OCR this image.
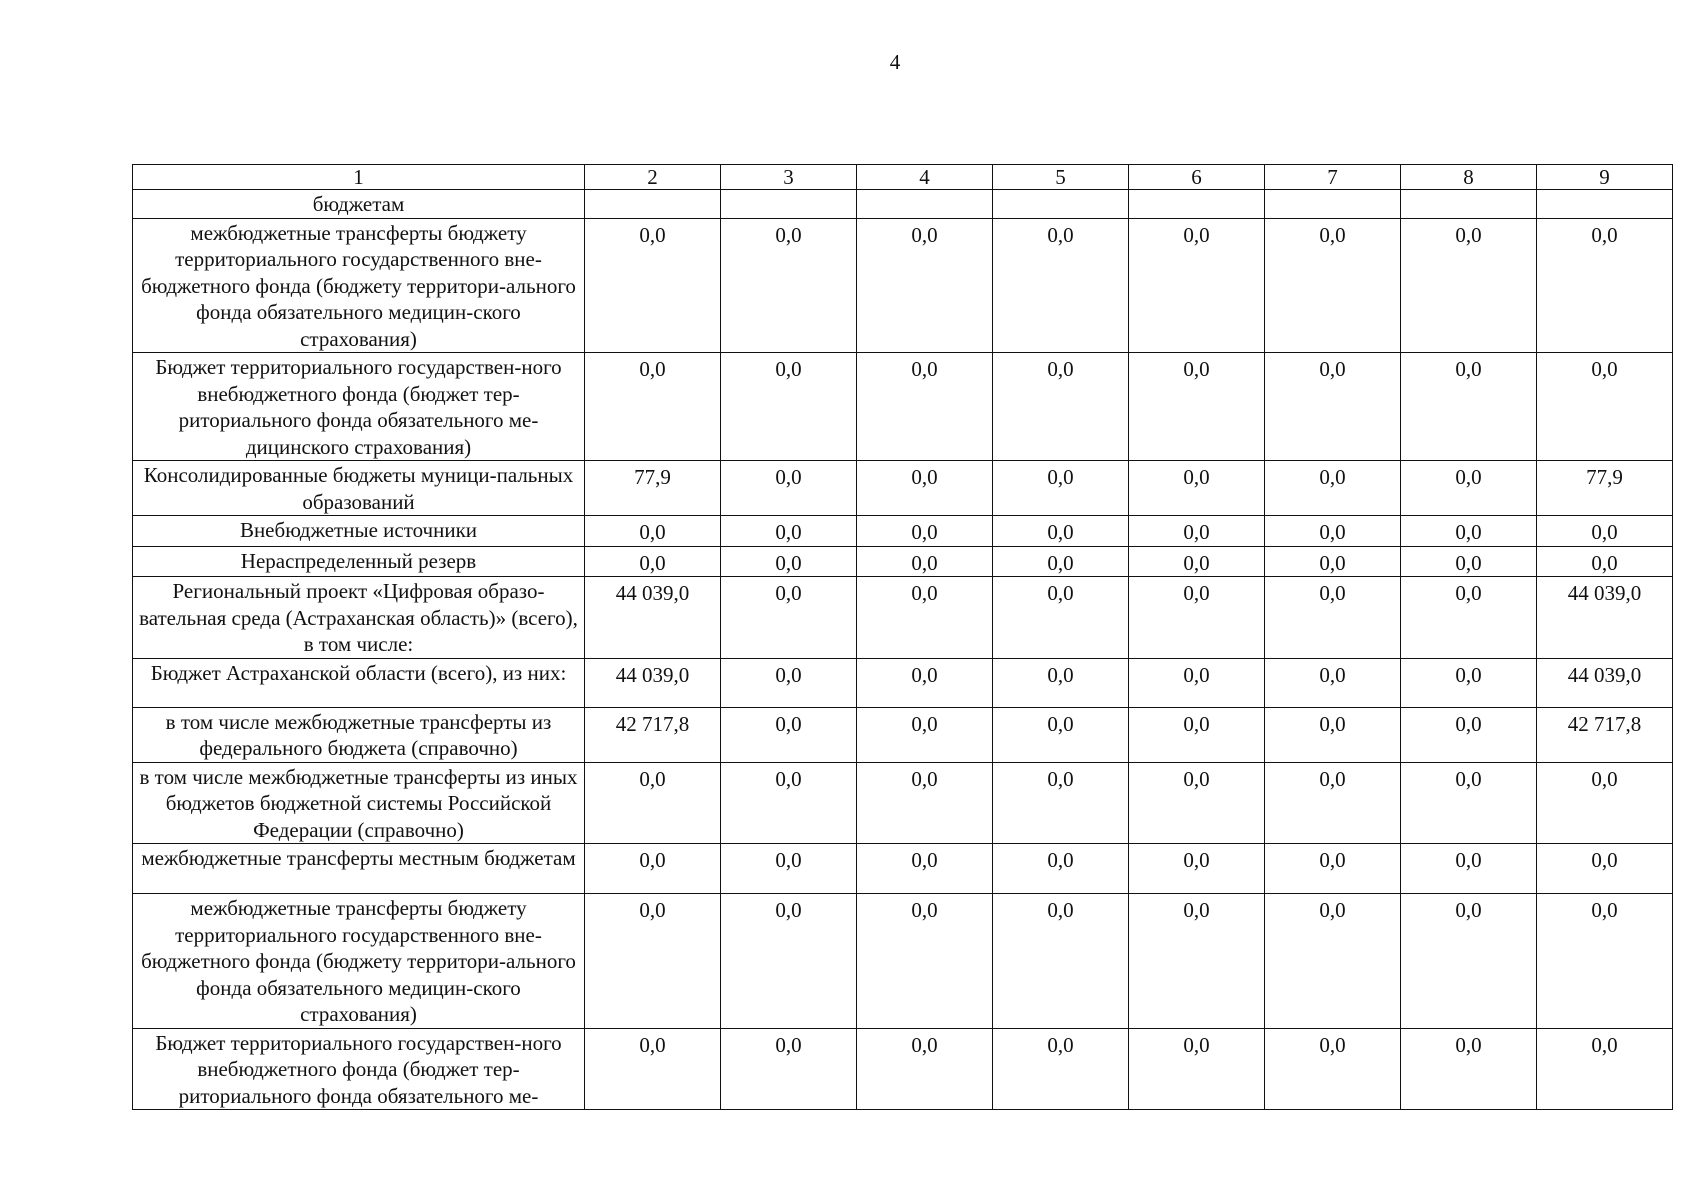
4
1	2	3	4	5	6	7	8	9
бюджетам								
межбюджетные трансферты бюджету территориального государственного вне-бюджетного фонда (бюджету территори-ального фонда обязательного медицин-ского страхования)	0,0	0,0	0,0	0,0	0,0	0,0	0,0	0,0
Бюджет территориального государствен-ного внебюджетного фонда (бюджет тер-риториального фонда обязательного ме-дицинского страхования)	0,0	0,0	0,0	0,0	0,0	0,0	0,0	0,0
Консолидированные бюджеты муници-пальных образований	77,9	0,0	0,0	0,0	0,0	0,0	0,0	77,9
Внебюджетные источники	0,0	0,0	0,0	0,0	0,0	0,0	0,0	0,0
Нераспределенный резерв	0,0	0,0	0,0	0,0	0,0	0,0	0,0	0,0
Региональный проект «Цифровая образо-вательная среда (Астраханская область)» (всего), в том числе:	44 039,0	0,0	0,0	0,0	0,0	0,0	0,0	44 039,0
Бюджет Астраханской области (всего), из них:	44 039,0	0,0	0,0	0,0	0,0	0,0	0,0	44 039,0
в том числе межбюджетные трансферты из федерального бюджета (справочно)	42 717,8	0,0	0,0	0,0	0,0	0,0	0,0	42 717,8
в том числе межбюджетные трансферты из иных бюджетов бюджетной системы Российской Федерации (справочно)	0,0	0,0	0,0	0,0	0,0	0,0	0,0	0,0
межбюджетные трансферты местным бюджетам	0,0	0,0	0,0	0,0	0,0	0,0	0,0	0,0
межбюджетные трансферты бюджету территориального государственного вне-бюджетного фонда (бюджету территори-ального фонда обязательного медицин-ского страхования)	0,0	0,0	0,0	0,0	0,0	0,0	0,0	0,0
Бюджет территориального государствен-ного внебюджетного фонда (бюджет тер-риториального фонда обязательного ме-	0,0	0,0	0,0	0,0	0,0	0,0	0,0	0,0
